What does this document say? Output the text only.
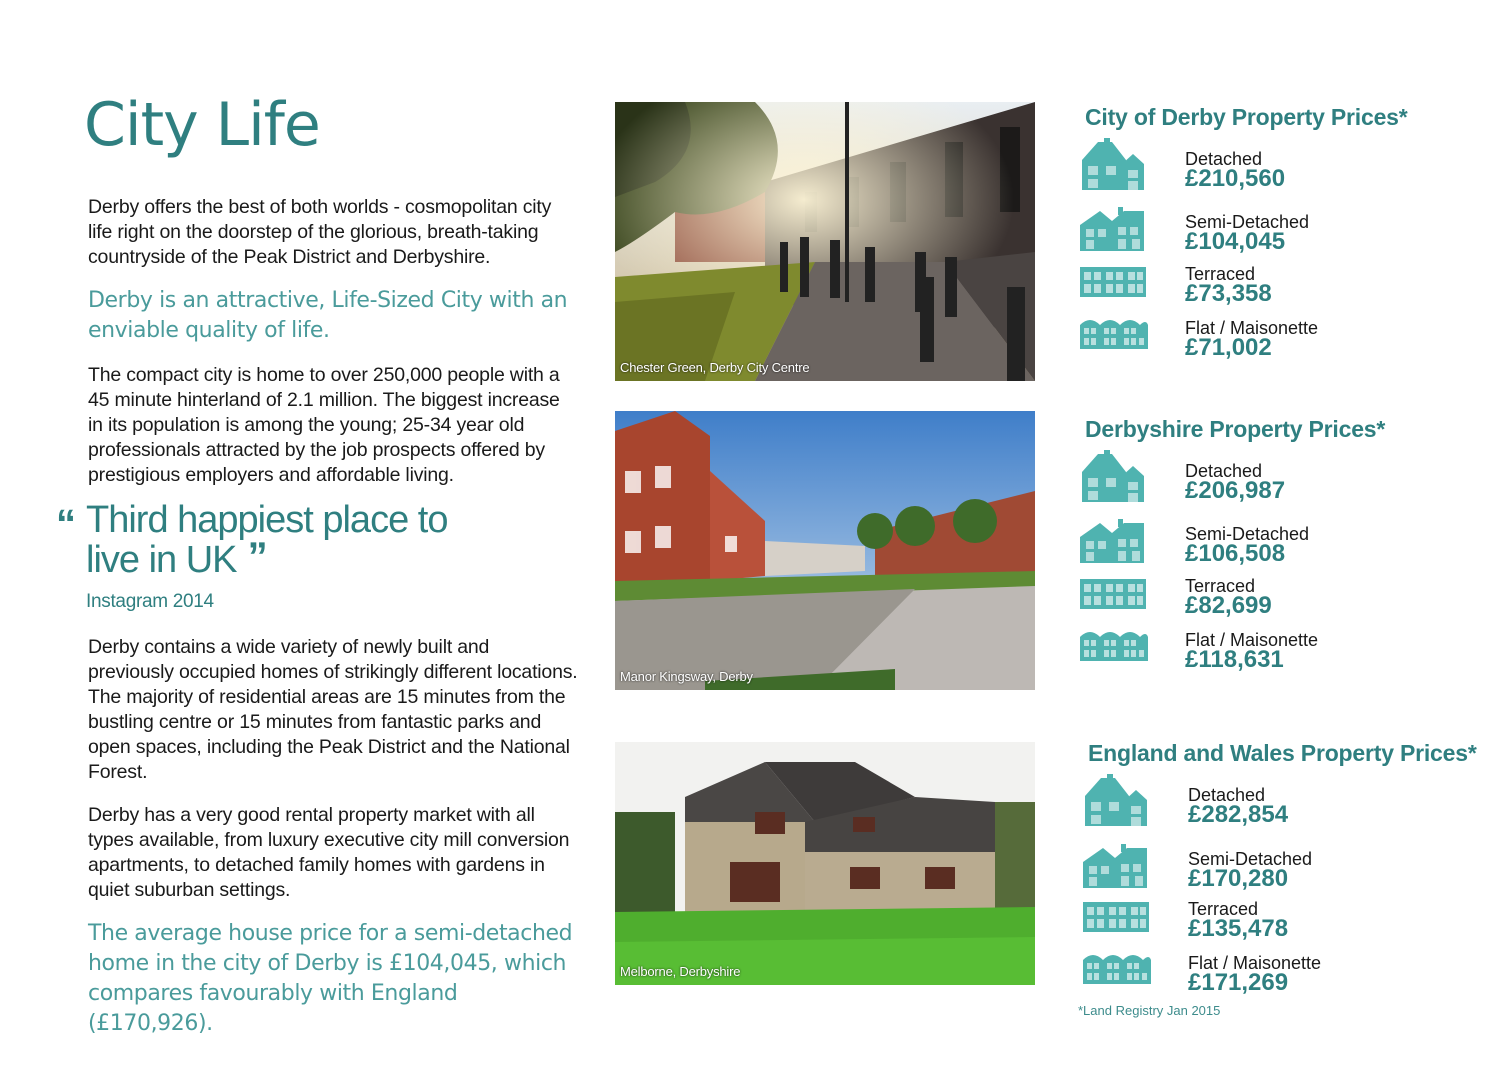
City Life

Derby offers the best of both worlds - cosmopolitan city life right on the doorstep of the glorious, breath-taking countryside of the Peak District and Derbyshire.

Derby is an attractive, Life-Sized City with an enviable quality of life.

The compact city is home to over 250,000 people with a 45 minute hinterland of 2.1 million. The biggest increase in its population is among the young; 25-34 year old professionals attracted by the job prospects offered by prestigious employers and affordable living.

“ Third happiest place to live in UK ”
Instagram 2014

Derby contains a wide variety of newly built and previously occupied homes of strikingly different locations. The majority of residential areas are 15 minutes from the bustling centre or 15 minutes from fantastic parks and open spaces, including the Peak District and the National Forest.

Derby has a very good rental property market with all types available, from luxury executive city mill conversion apartments, to detached family homes with gardens in quiet suburban settings.

The average house price for a semi-detached home in the city of Derby is £104,045, which compares favourably with England (£170,926).

Chester Green, Derby City Centre
Manor Kingsway, Derby
Melborne, Derbyshire
City of Derby Property Prices*
Detached
£210,560
Semi-Detached
£104,045
Terraced
£73,358
Flat / Maisonette
£71,002
Derbyshire Property Prices*
Detached
£206,987
Semi-Detached
£106,508
Terraced
£82,699
Flat / Maisonette
£118,631
England and Wales Property Prices*
Detached
£282,854
Semi-Detached
£170,280
Terraced
£135,478
Flat / Maisonette
£171,269
*Land Registry Jan 2015
